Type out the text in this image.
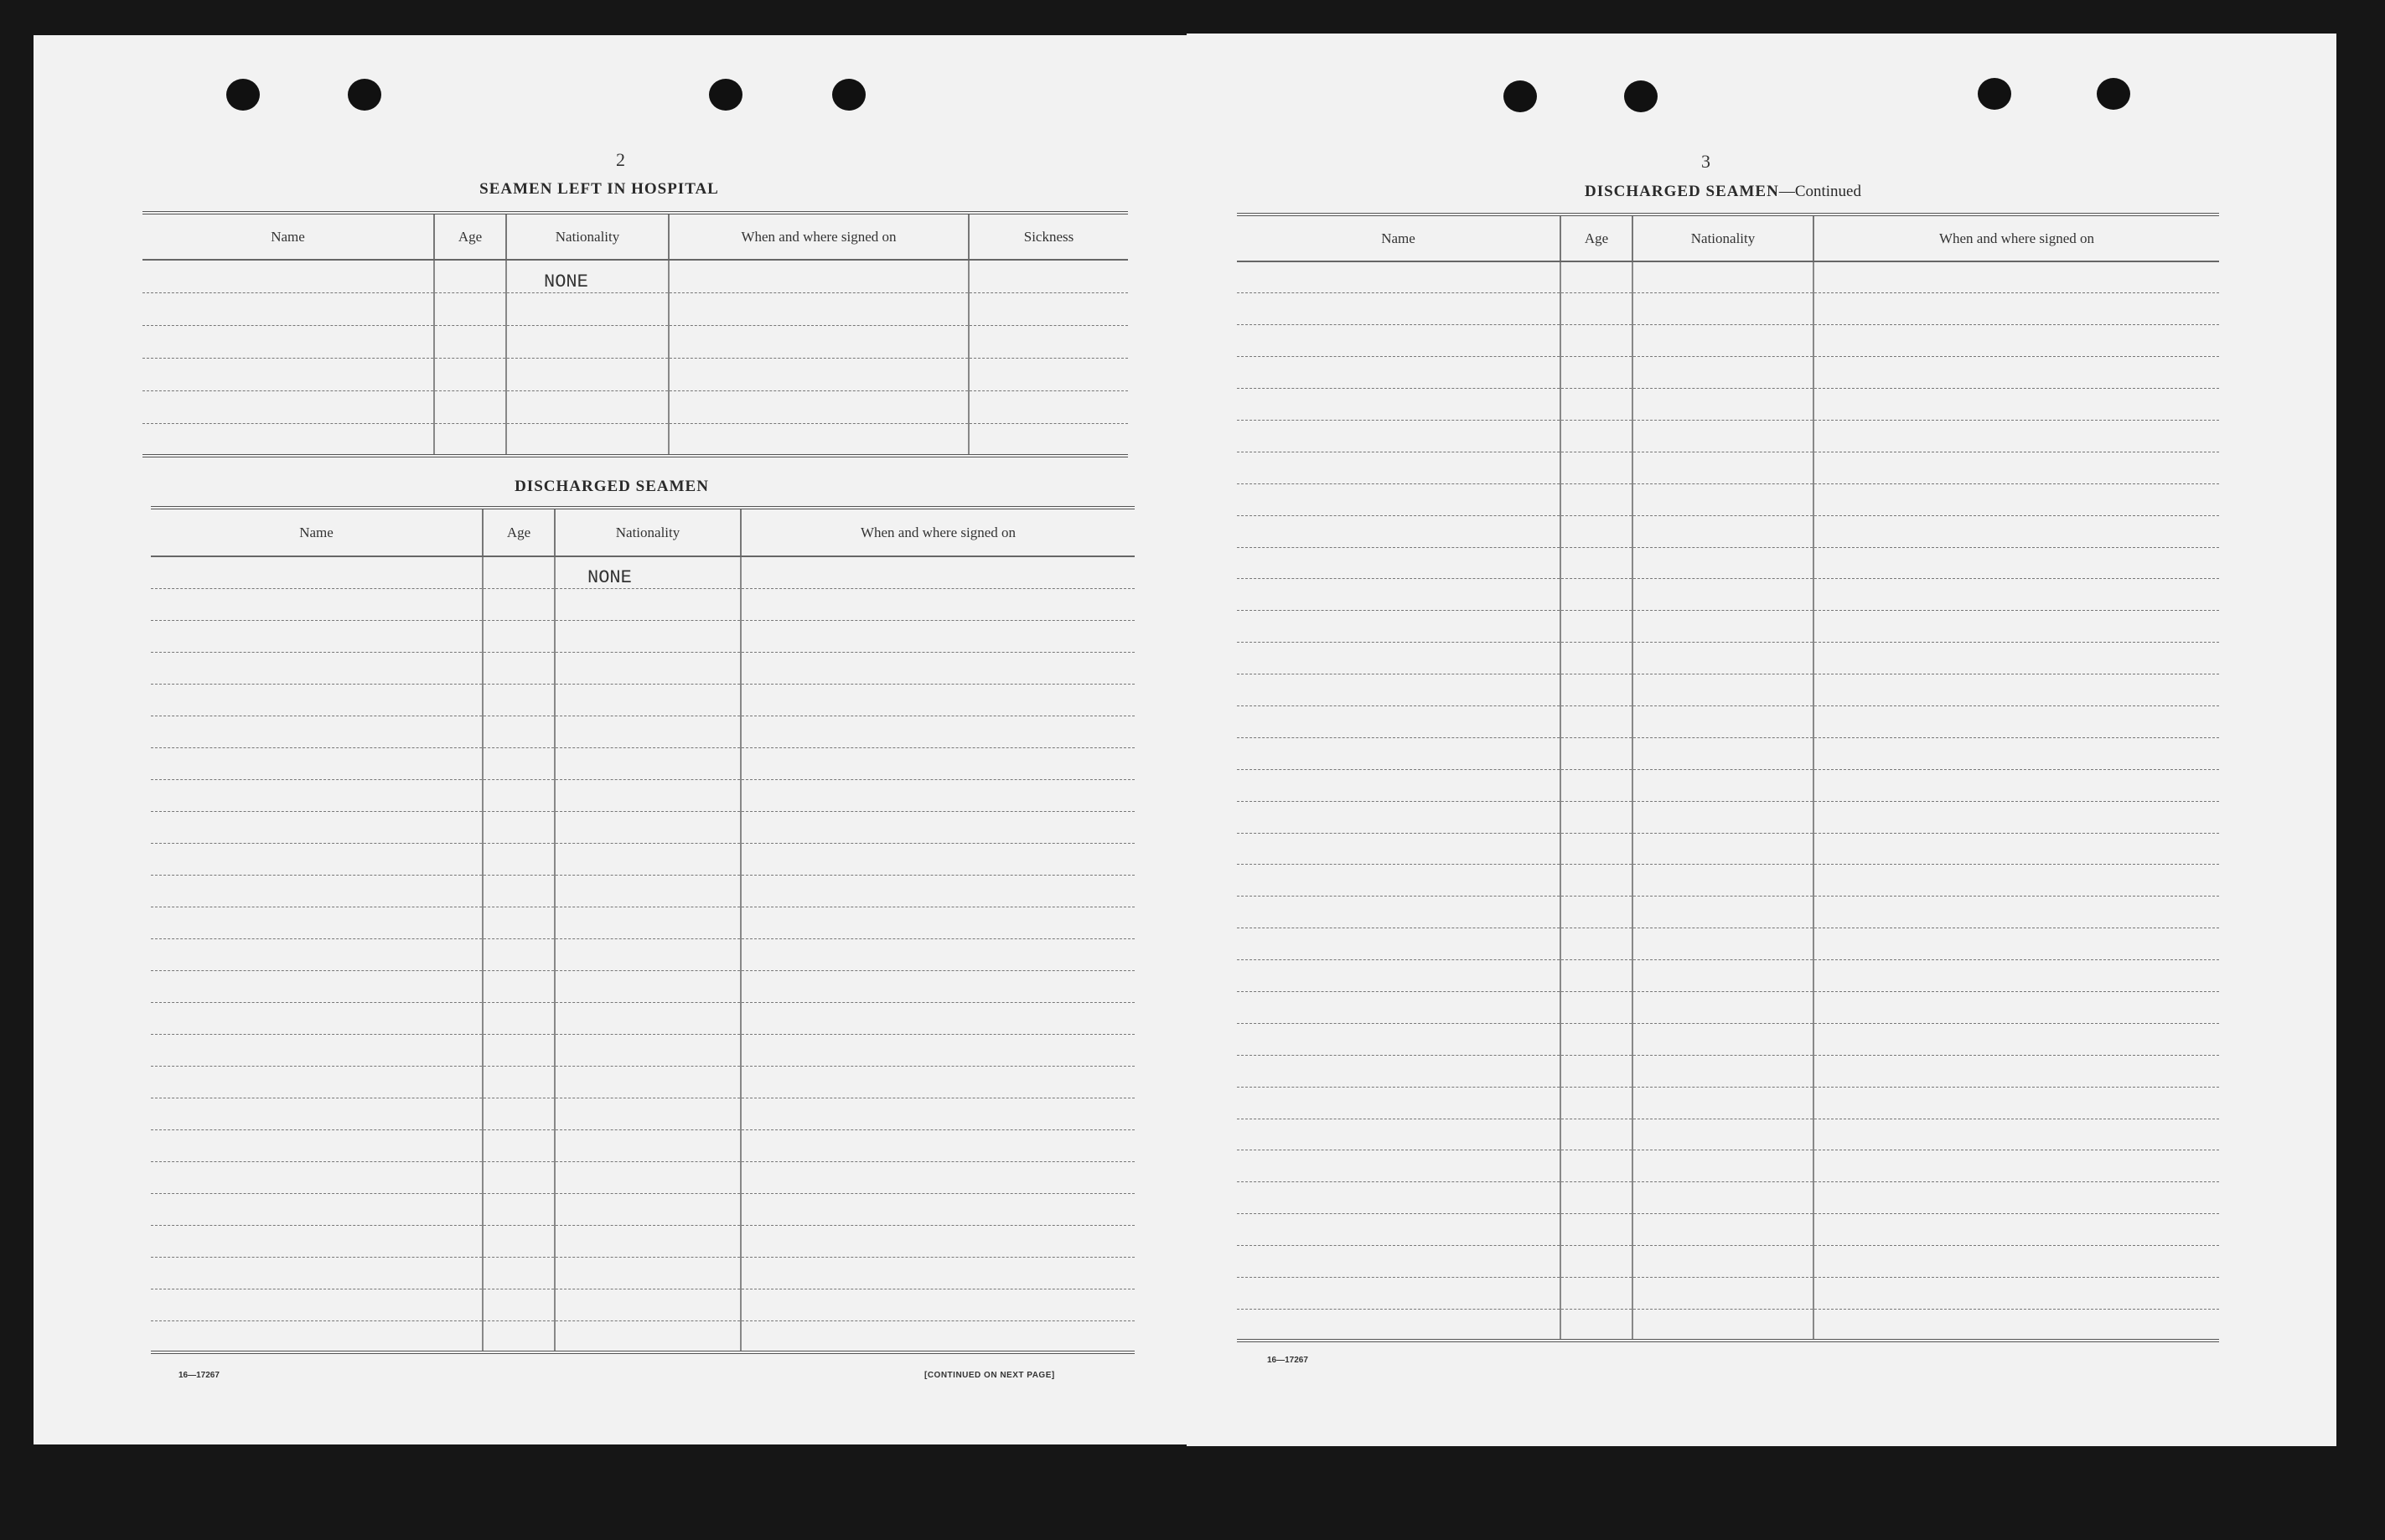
2
SEAMEN LEFT IN HOSPITAL
Name	Age	Nationality	When and where signed on	Sickness
		NONE		

DISCHARGED SEAMEN
Name	Age	Nationality	When and where signed on
		NONE	

16—17267	[CONTINUED ON NEXT PAGE]
3
DISCHARGED SEAMEN—Continued
Name	Age	Nationality	When and where signed on

16—17267
